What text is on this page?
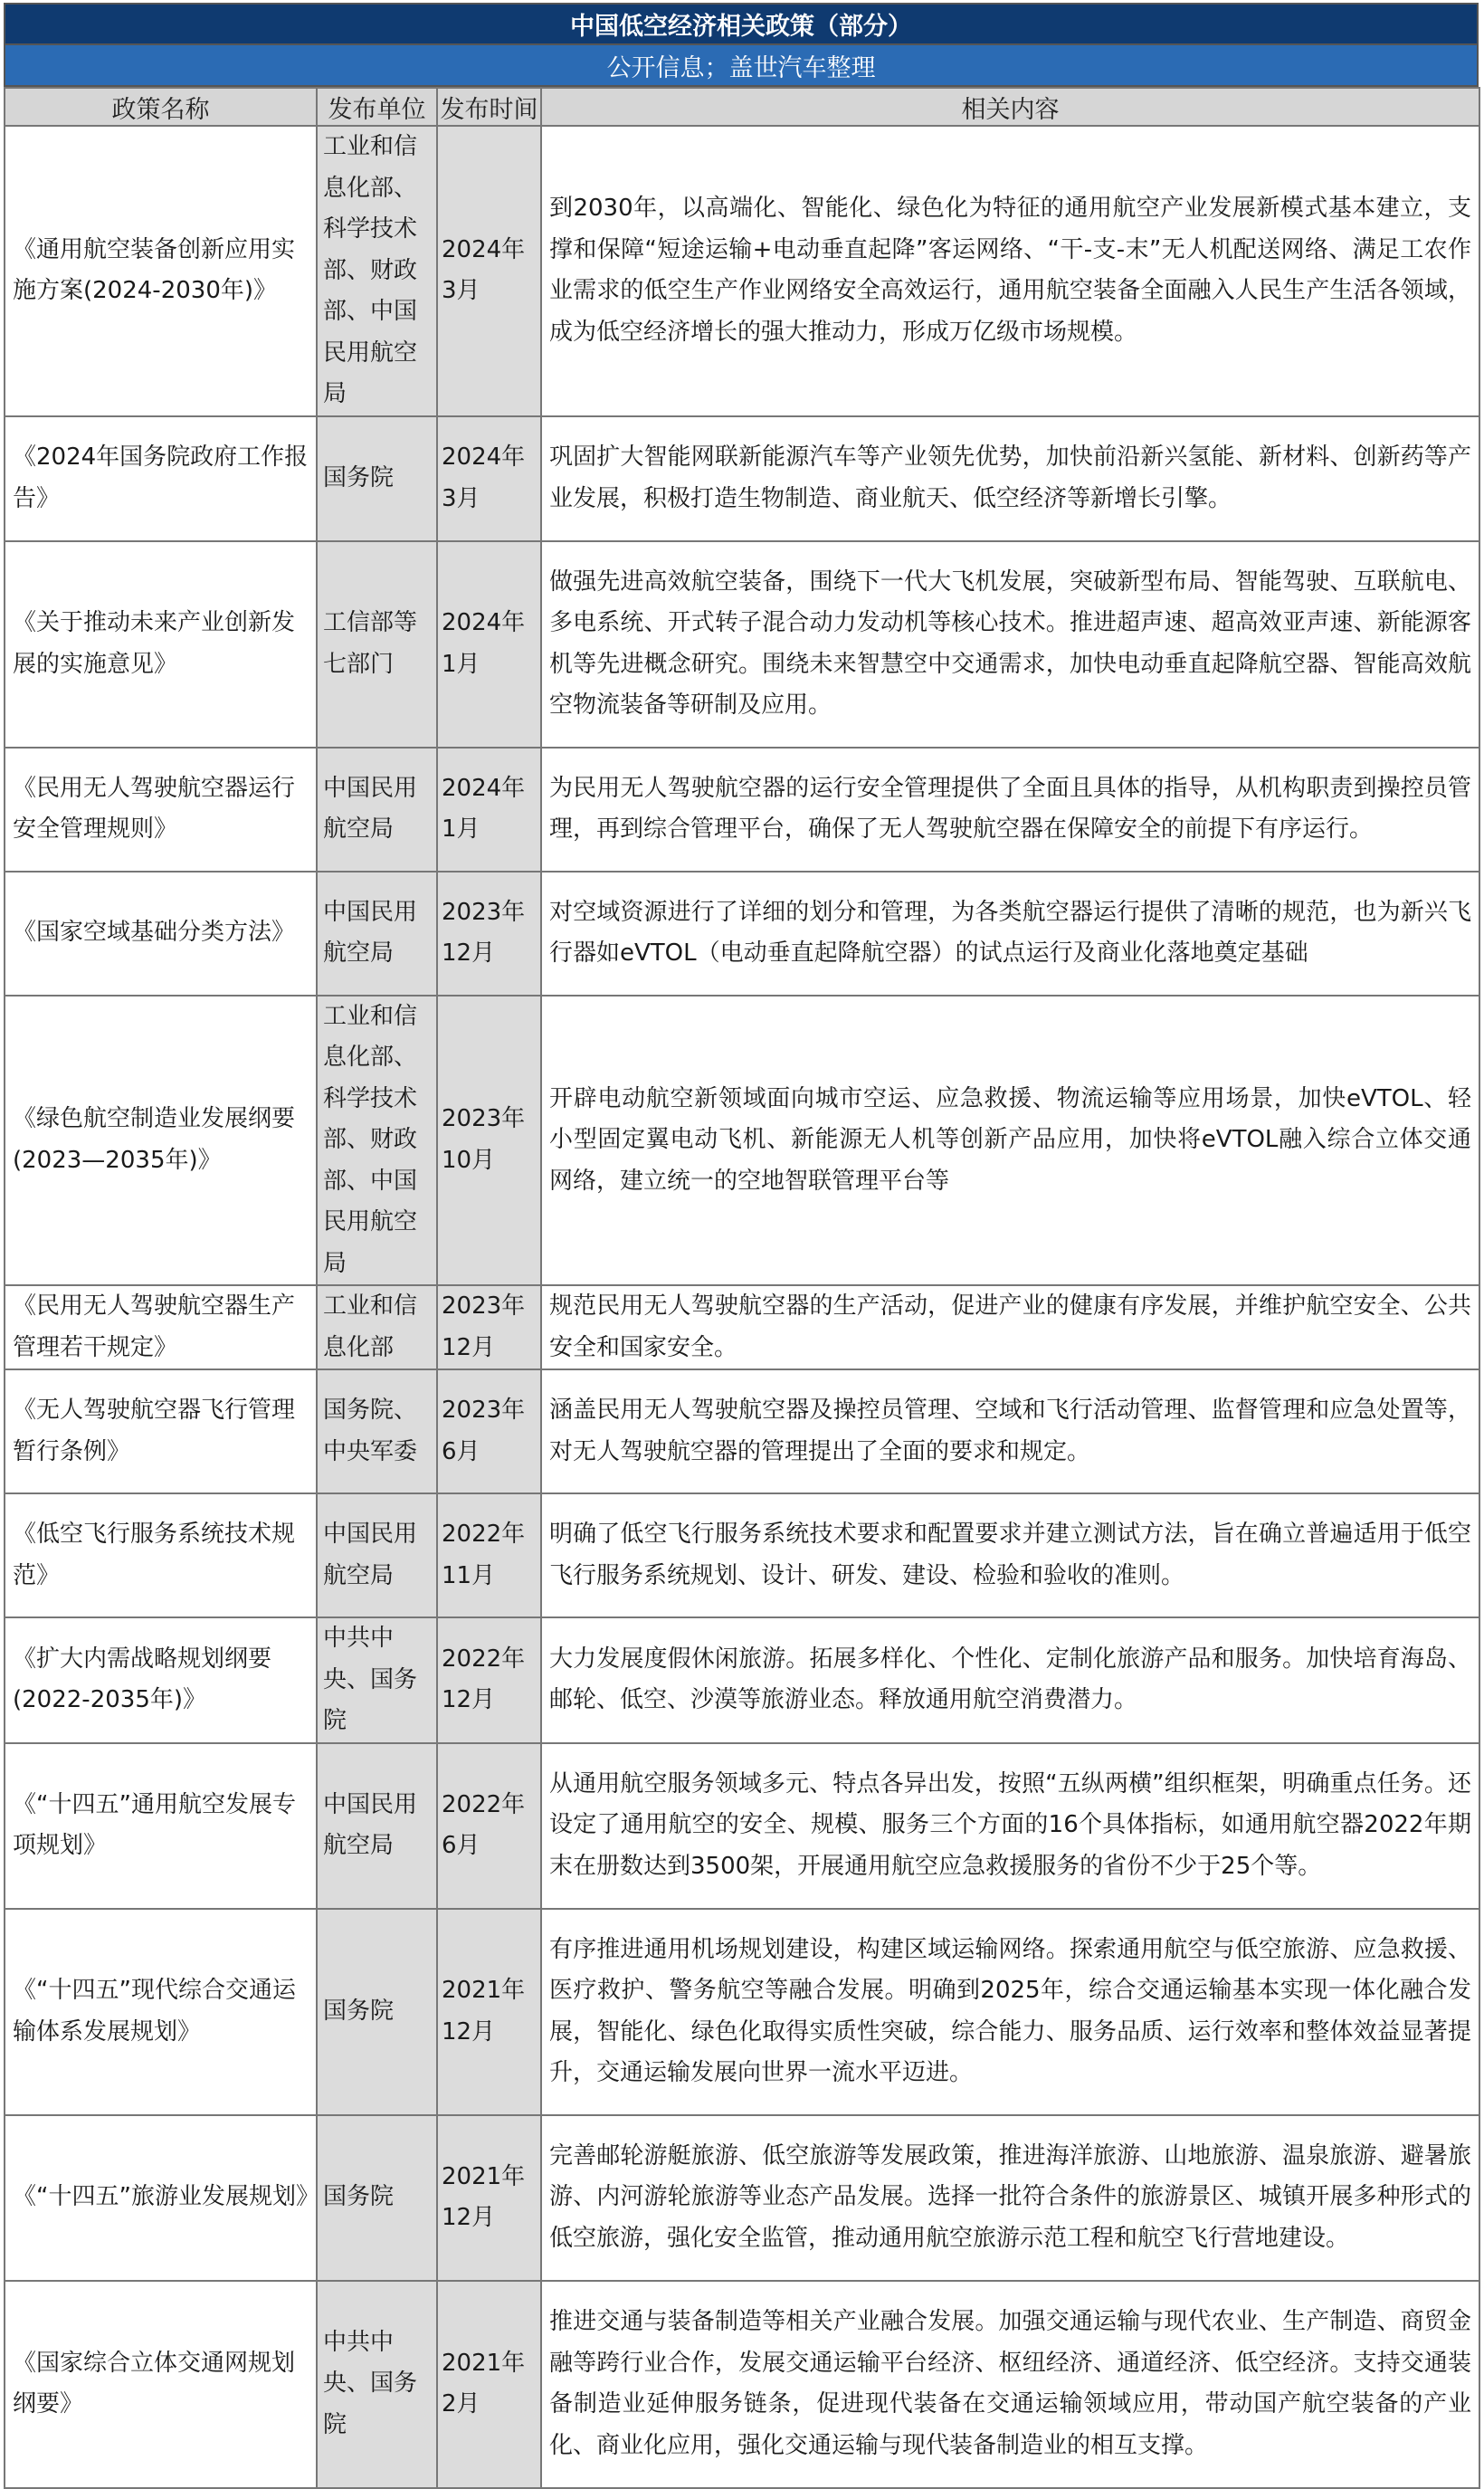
中国低空经济相关政策（部分）
公开信息；盖世汽车整理
政策名称	发布单位	发布时间	相关内容
《通用航空装备创新应用实施方案(2024-2030年)》	工业和信息化部、科学技术部、财政部、中国民用航空局	2024年3月	到2030年，以高端化、智能化、绿色化为特征的通用航空产业发展新模式基本建立，支撑和保障“短途运输+电动垂直起降”客运网络、“干-支-末”无人机配送网络、满足工农作业需求的低空生产作业网络安全高效运行，通用航空装备全面融入人民生产生活各领域，成为低空经济增长的强大推动力，形成万亿级市场规模。
《2024年国务院政府工作报告》	国务院	2024年3月	巩固扩大智能网联新能源汽车等产业领先优势，加快前沿新兴氢能、新材料、创新药等产业发展，积极打造生物制造、商业航天、低空经济等新增长引擎。
《关于推动未来产业创新发展的实施意见》	工信部等七部门	2024年1月	做强先进高效航空装备，围绕下一代大飞机发展，突破新型布局、智能驾驶、互联航电、多电系统、开式转子混合动力发动机等核心技术。推进超声速、超高效亚声速、新能源客机等先进概念研究。围绕未来智慧空中交通需求，加快电动垂直起降航空器、智能高效航空物流装备等研制及应用。
《民用无人驾驶航空器运行安全管理规则》	中国民用航空局	2024年1月	为民用无人驾驶航空器的运行安全管理提供了全面且具体的指导，从机构职责到操控员管理，再到综合管理平台，确保了无人驾驶航空器在保障安全的前提下有序运行。
《国家空域基础分类方法》	中国民用航空局	2023年12月	对空域资源进行了详细的划分和管理，为各类航空器运行提供了清晰的规范，也为新兴飞行器如eVTOL（电动垂直起降航空器）的试点运行及商业化落地奠定基础
《绿色航空制造业发展纲要(2023—2035年)》	工业和信息化部、科学技术部、财政部、中国民用航空局	2023年10月	开辟电动航空新领域面向城市空运、应急救援、物流运输等应用场景，加快eVTOL、轻小型固定翼电动飞机、新能源无人机等创新产品应用，加快将eVTOL融入综合立体交通网络，建立统一的空地智联管理平台等
《民用无人驾驶航空器生产管理若干规定》	工业和信息化部	2023年12月	规范民用无人驾驶航空器的生产活动，促进产业的健康有序发展，并维护航空安全、公共安全和国家安全。
《无人驾驶航空器飞行管理暂行条例》	国务院、中央军委	2023年6月	涵盖民用无人驾驶航空器及操控员管理、空域和飞行活动管理、监督管理和应急处置等，对无人驾驶航空器的管理提出了全面的要求和规定。
《低空飞行服务系统技术规范》	中国民用航空局	2022年11月	明确了低空飞行服务系统技术要求和配置要求并建立测试方法，旨在确立普遍适用于低空飞行服务系统规划、设计、研发、建设、检验和验收的准则。
《扩大内需战略规划纲要(2022-2035年)》	中共中央、国务院	2022年12月	大力发展度假休闲旅游。拓展多样化、个性化、定制化旅游产品和服务。加快培育海岛、邮轮、低空、沙漠等旅游业态。释放通用航空消费潜力。
《“十四五”通用航空发展专项规划》	中国民用航空局	2022年6月	从通用航空服务领域多元、特点各异出发，按照“五纵两横”组织框架，明确重点任务。还设定了通用航空的安全、规模、服务三个方面的16个具体指标，如通用航空器2022年期末在册数达到3500架，开展通用航空应急救援服务的省份不少于25个等。
《“十四五”现代综合交通运输体系发展规划》	国务院	2021年12月	有序推进通用机场规划建设，构建区域运输网络。探索通用航空与低空旅游、应急救援、医疗救护、警务航空等融合发展。明确到2025年，综合交通运输基本实现一体化融合发展，智能化、绿色化取得实质性突破，综合能力、服务品质、运行效率和整体效益显著提升，交通运输发展向世界一流水平迈进。
《“十四五”旅游业发展规划》	国务院	2021年12月	完善邮轮游艇旅游、低空旅游等发展政策，推进海洋旅游、山地旅游、温泉旅游、避暑旅游、内河游轮旅游等业态产品发展。选择一批符合条件的旅游景区、城镇开展多种形式的低空旅游，强化安全监管，推动通用航空旅游示范工程和航空飞行营地建设。
《国家综合立体交通网规划纲要》	中共中央、国务院	2021年2月	推进交通与装备制造等相关产业融合发展。加强交通运输与现代农业、生产制造、商贸金融等跨行业合作，发展交通运输平台经济、枢纽经济、通道经济、低空经济。支持交通装备制造业延伸服务链条，促进现代装备在交通运输领域应用，带动国产航空装备的产业化、商业化应用，强化交通运输与现代装备制造业的相互支撑。
